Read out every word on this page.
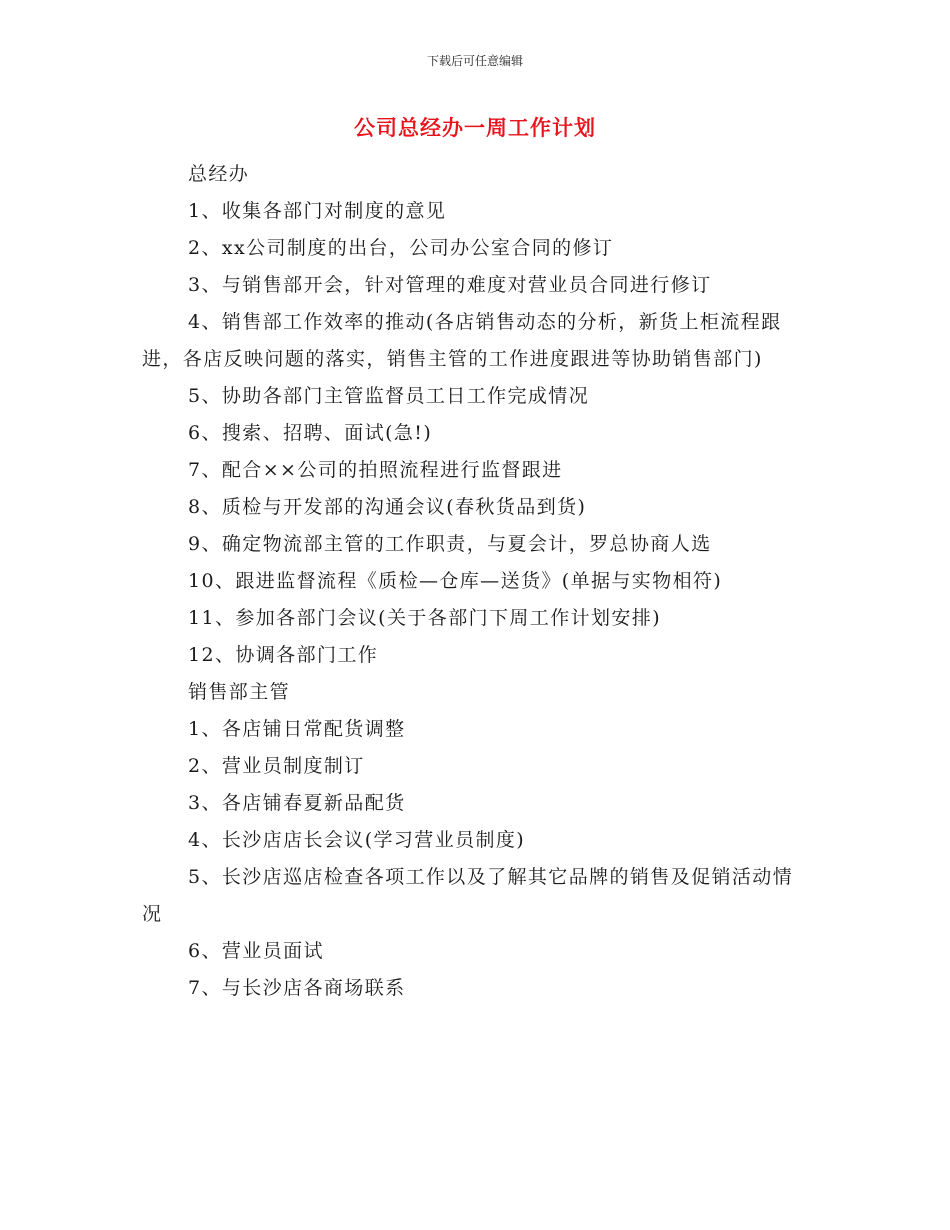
下载后可任意编辑
公司总经办一周工作计划

总经办

1、收集各部门对制度的意见

2、xx公司制度的出台，公司办公室合同的修订

3、与销售部开会，针对管理的难度对营业员合同进行修订

4、销售部工作效率的推动(各店销售动态的分析，新货上柜流程跟进，各店反映问题的落实，销售主管的工作进度跟进等协助销售部门)

5、协助各部门主管监督员工日工作完成情况

6、搜索、招聘、面试(急!)

7、配合××公司的拍照流程进行监督跟进

8、质检与开发部的沟通会议(春秋货品到货)

9、确定物流部主管的工作职责，与夏会计，罗总协商人选

10、跟进监督流程《质检—仓库—送货》(单据与实物相符)

11、参加各部门会议(关于各部门下周工作计划安排)

12、协调各部门工作

销售部主管

1、各店铺日常配货调整

2、营业员制度制订

3、各店铺春夏新品配货

4、长沙店店长会议(学习营业员制度)

5、长沙店巡店检查各项工作以及了解其它品牌的销售及促销活动情况

6、营业员面试

7、与长沙店各商场联系
